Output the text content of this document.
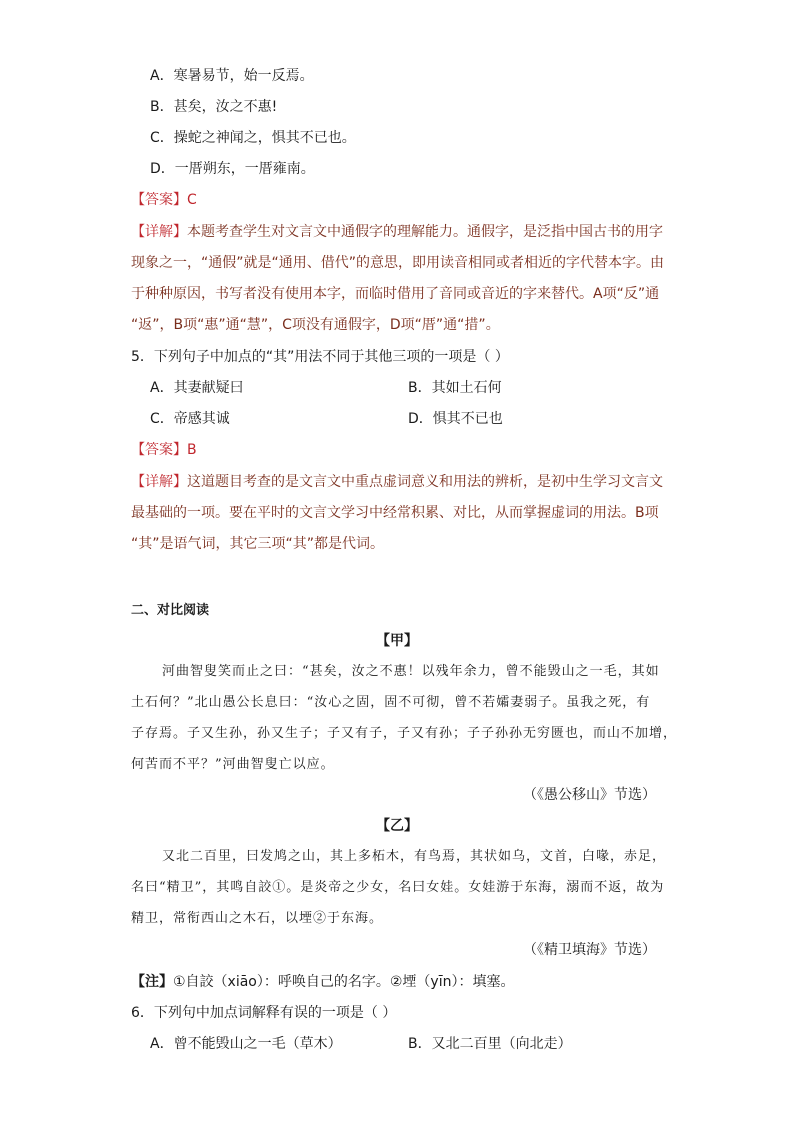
A．寒暑易节，始一反焉。
B．甚矣，汝之不惠!
C．操蛇之神闻之，惧其不已也。
D．一厝朔东，一厝雍南。
【答案】C
【详解】本题考查学生对文言文中通假字的理解能力。通假字，是泛指中国古书的用字
现象之一，“通假”就是“通用、借代”的意思，即用读音相同或者相近的字代替本字。由
于种种原因，书写者没有使用本字，而临时借用了音同或音近的字来替代。A项“反”通
“返”，B项“惠”通“慧”，C项没有通假字，D项“厝”通“措”。
5．下列句子中加点的“其”用法不同于其他三项的一项是（ ）
A．其妻献疑曰	B．其如土石何
C．帝感其诚	D．惧其不已也
【答案】B
【详解】这道题目考查的是文言文中重点虚词意义和用法的辨析，是初中生学习文言文
最基础的一项。要在平时的文言文学习中经常积累、对比，从而掌握虚词的用法。B项
“其”是语气词，其它三项“其”都是代词。
二、对比阅读
【甲】
河曲智叟笑而止之曰：“甚矣，汝之不惠！以残年余力，曾不能毁山之一毛，其如
土石何？”北山愚公长息曰：“汝心之固，固不可彻，曾不若孀妻弱子。虽我之死，有
子存焉。子又生孙，孙又生子；子又有子，子又有孙；子子孙孙无穷匮也，而山不加增，
何苦而不平？”河曲智叟亡以应。
（《愚公移山》节选）
【乙】
又北二百里，曰发鸠之山，其上多柘木，有鸟焉，其状如乌，文首，白喙，赤足，
名曰“精卫”，其鸣自詨①。是炎帝之少女，名曰女娃。女娃游于东海，溺而不返，故为
精卫，常衔西山之木石，以堙②于东海。
（《精卫填海》节选）
【注】①自詨（xiāo）：呼唤自己的名字。②堙（yīn）：填塞。
6．下列句中加点词解释有误的一项是（ ）
A．曾不能毁山之一毛（草木）	B．又北二百里（向北走）
